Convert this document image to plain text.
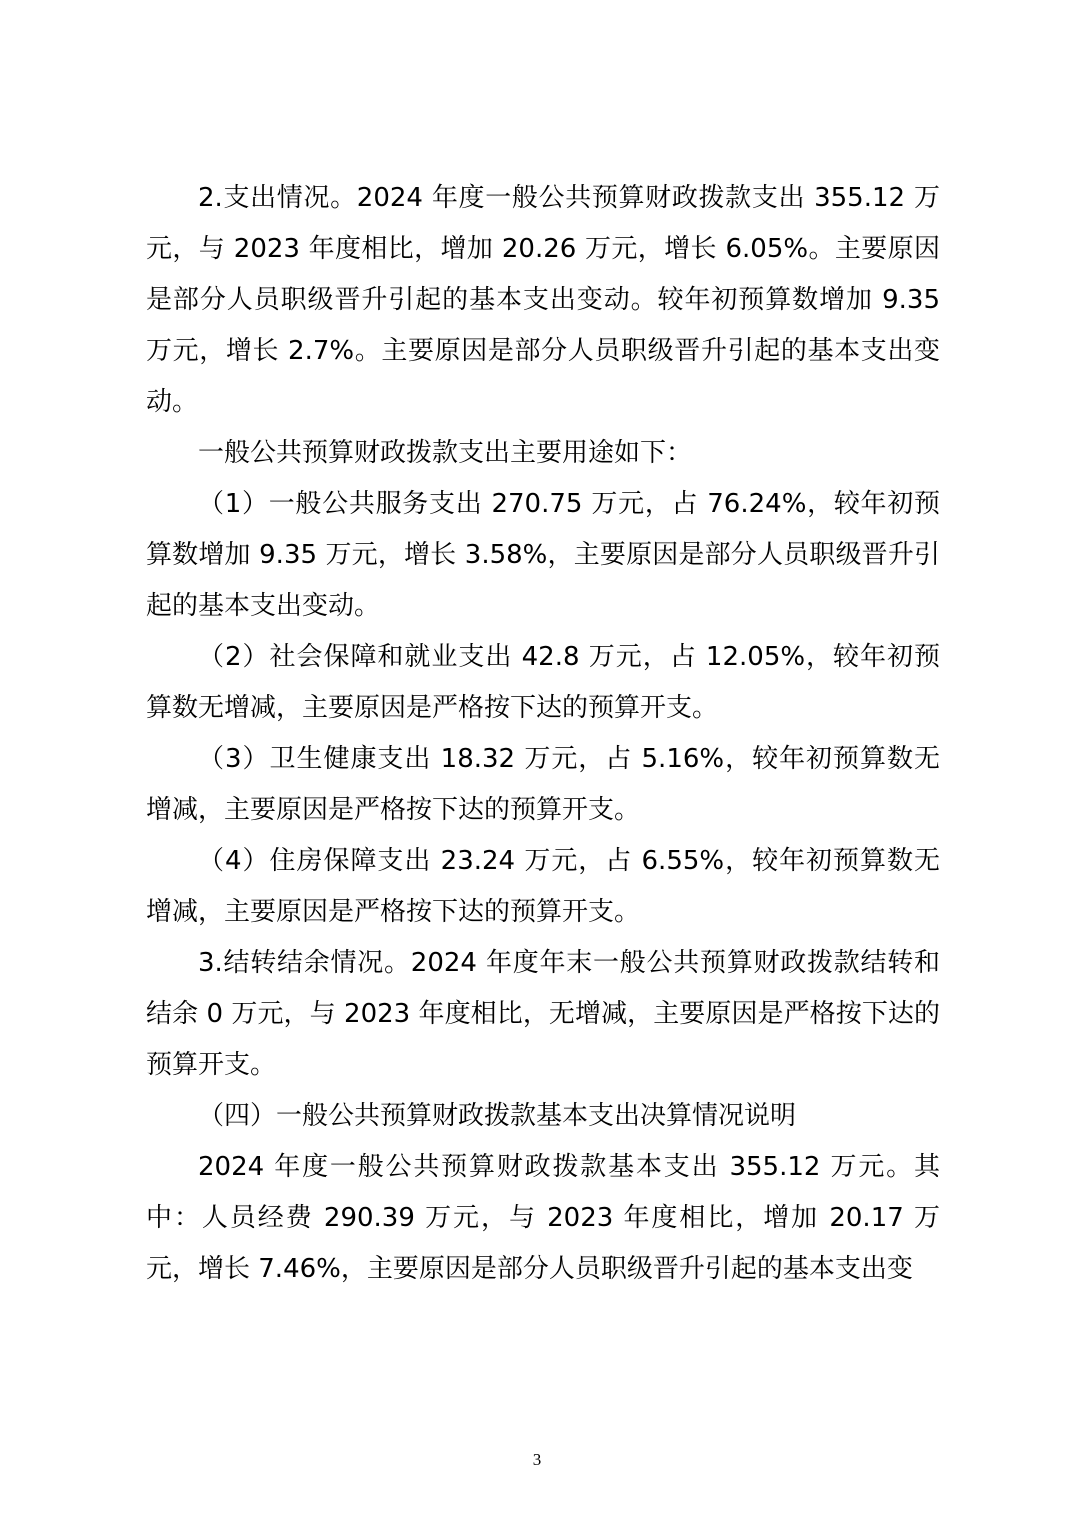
2.支出情况。2024 年度一般公共预算财政拨款支出 355.12 万元，与 2023 年度相比，增加 20.26 万元，增长 6.05%。主要原因是部分人员职级晋升引起的基本支出变动。较年初预算数增加 9.35 万元，增长 2.7%。主要原因是部分人员职级晋升引起的基本支出变动。

一般公共预算财政拨款支出主要用途如下：

（1）一般公共服务支出 270.75 万元，占 76.24%，较年初预算数增加 9.35 万元，增长 3.58%，主要原因是部分人员职级晋升引起的基本支出变动。

（2）社会保障和就业支出 42.8 万元，占 12.05%，较年初预算数无增减，主要原因是严格按下达的预算开支。

（3）卫生健康支出 18.32 万元，占 5.16%，较年初预算数无增减，主要原因是严格按下达的预算开支。

（4）住房保障支出 23.24 万元，占 6.55%，较年初预算数无增减，主要原因是严格按下达的预算开支。

3.结转结余情况。2024 年度年末一般公共预算财政拨款结转和结余 0 万元，与 2023 年度相比，无增减，主要原因是严格按下达的预算开支。

（四）一般公共预算财政拨款基本支出决算情况说明

2024 年度一般公共预算财政拨款基本支出 355.12 万元。其中：人员经费 290.39 万元，与 2023 年度相比，增加 20.17 万元，增长 7.46%，主要原因是部分人员职级晋升引起的基本支出变

3
